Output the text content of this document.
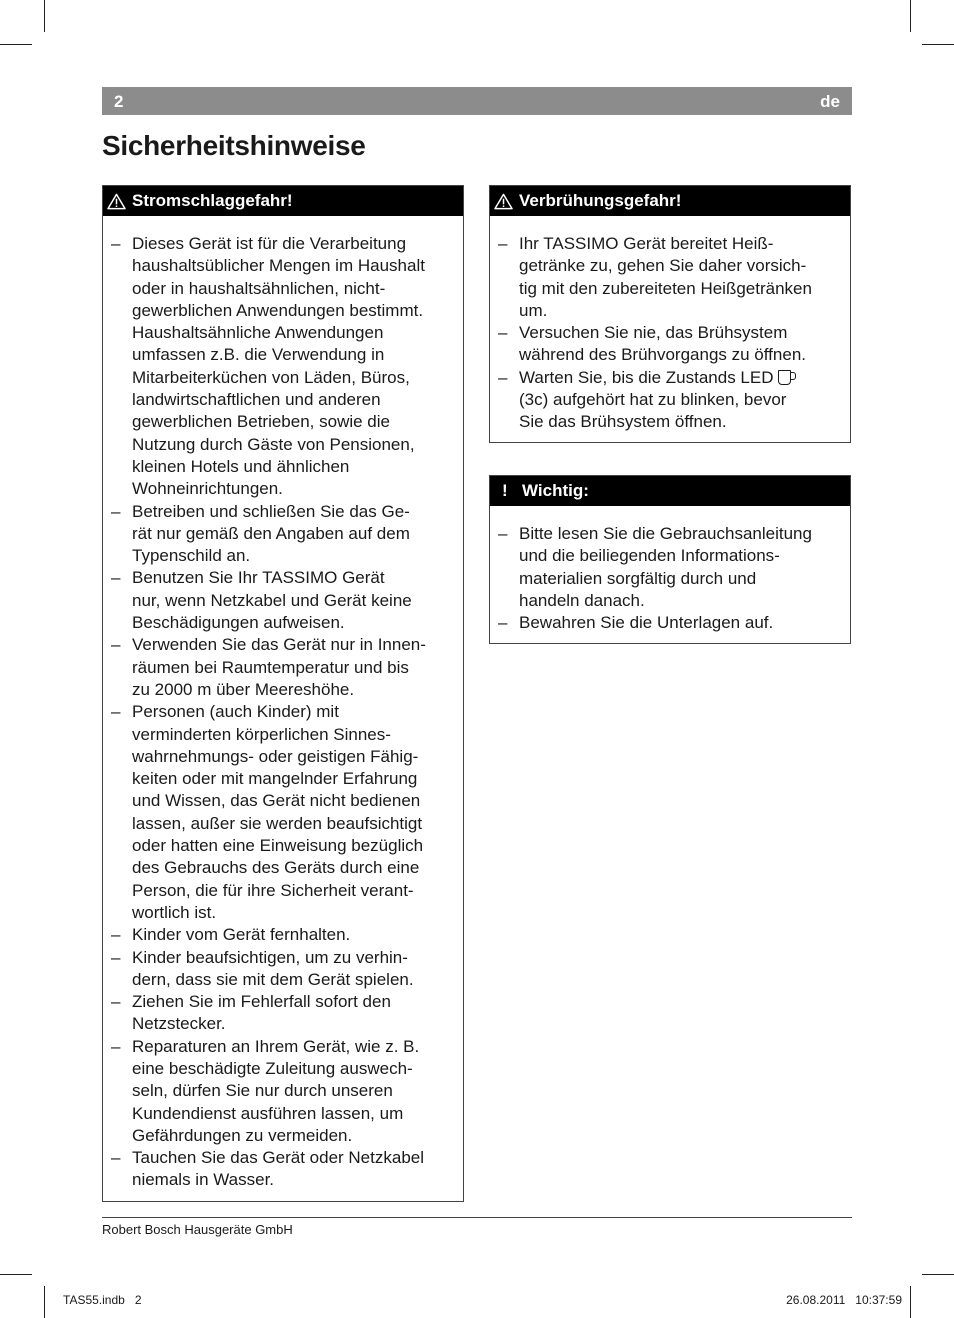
2	de
Sicherheitshinweise
Stromschlaggefahr!
– Dieses Gerät ist für die Verarbeitung
haushaltsüblicher Mengen im Haushalt
oder in haushaltsähnlichen, nicht-
gewerblichen Anwendungen bestimmt.
Haushaltsähnliche Anwendungen
umfassen z.B. die Verwendung in
Mitarbeiterküchen von Läden, Büros,
landwirtschaftlichen und anderen
gewerblichen Betrieben, sowie die
Nutzung durch Gäste von Pensionen,
kleinen Hotels und ähnlichen
Wohneinrichtungen.
– Betreiben und schließen Sie das Ge-
rät nur gemäß den Angaben auf dem
Typenschild an.
– Benutzen Sie Ihr TASSIMO Gerät
nur, wenn Netzkabel und Gerät keine
Beschädigungen aufweisen.
– Verwenden Sie das Gerät nur in Innen-
räumen bei Raumtemperatur und bis
zu 2000 m über Meereshöhe.
– Personen (auch Kinder) mit
verminderten körperlichen Sinnes-
wahrnehmungs- oder geistigen Fähig-
keiten oder mit mangelnder Erfahrung
und Wissen, das Gerät nicht bedienen
lassen, außer sie werden beaufsichtigt
oder hatten eine Einweisung bezüglich
des Gebrauchs des Geräts durch eine
Person, die für ihre Sicherheit verant-
wortlich ist.
– Kinder vom Gerät fernhalten.
– Kinder beaufsichtigen, um zu verhin-
dern, dass sie mit dem Gerät spielen.
– Ziehen Sie im Fehlerfall sofort den
Netzstecker.
– Reparaturen an Ihrem Gerät, wie z. B.
eine beschädigte Zuleitung auswech-
seln, dürfen Sie nur durch unseren
Kundendienst ausführen lassen, um
Gefährdungen zu vermeiden.
– Tauchen Sie das Gerät oder Netzkabel
niemals in Wasser.
Verbrühungsgefahr!
– Ihr TASSIMO Gerät bereitet Heiß-
getränke zu, gehen Sie daher vorsich-
tig mit den zubereiteten Heißgetränken
um.
– Versuchen Sie nie, das Brühsystem
während des Brühvorgangs zu öffnen.
– Warten Sie, bis die Zustands LED
(3c) aufgehört hat zu blinken, bevor
Sie das Brühsystem öffnen.
! Wichtig:
– Bitte lesen Sie die Gebrauchsanleitung
und die beiliegenden Informations-
materialien sorgfältig durch und
handeln danach.
– Bewahren Sie die Unterlagen auf.
Robert Bosch Hausgeräte GmbH
TAS55.indb   2	26.08.2011   10:37:59
